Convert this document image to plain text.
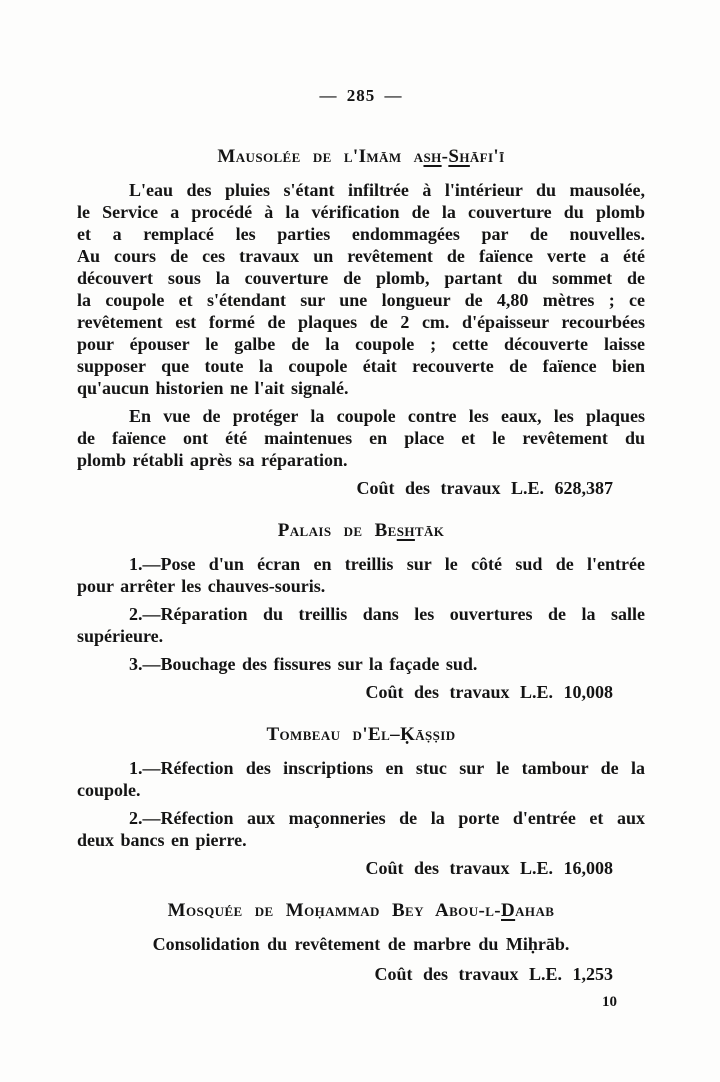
— 285 —
Mausolée de l'Imām ash-Shāfi'ī
L'eau des pluies s'étant infiltrée à l'intérieur du mausolée,
le Service a procédé à la vérification de la couverture du plomb
et a remplacé les parties endommagées par de nouvelles.
Au cours de ces travaux un revêtement de faïence verte a été
découvert sous la couverture de plomb, partant du sommet de
la coupole et s'étendant sur une longueur de 4,80 mètres ; ce
revêtement est formé de plaques de 2 cm. d'épaisseur recourbées
pour épouser le galbe de la coupole ; cette découverte laisse
supposer que toute la coupole était recouverte de faïence bien
qu'aucun historien ne l'ait signalé.
En vue de protéger la coupole contre les eaux, les plaques
de faïence ont été maintenues en place et le revêtement du
plomb rétabli après sa réparation.
Coût des travaux L.E. 628,387
Palais de Beshtāk
1.—Pose d'un écran en treillis sur le côté sud de l'entrée
pour arrêter les chauves-souris.
2.—Réparation du treillis dans les ouvertures de la salle
supérieure.
3.—Bouchage des fissures sur la façade sud.
Coût des travaux L.E. 10,008
Tombeau d'El–Ḳāṣṣid
1.—Réfection des inscriptions en stuc sur le tambour de la
coupole.
2.—Réfection aux maçonneries de la porte d'entrée et aux
deux bancs en pierre.
Coût des travaux L.E. 16,008
Mosquée de Moḥammad Bey Abou-l-Dahab
Consolidation du revêtement de marbre du Miḥrāb.
Coût des travaux L.E. 1,253
10
